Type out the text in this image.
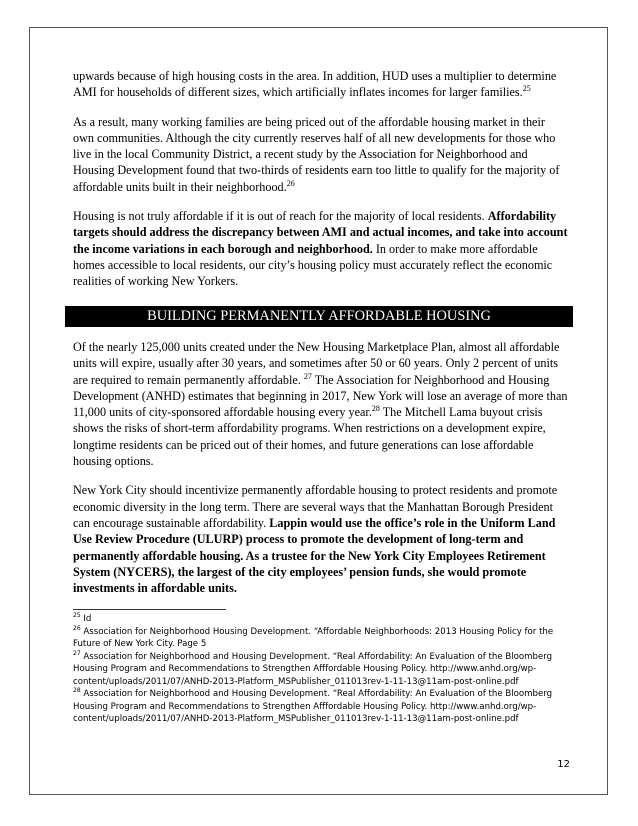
upwards because of high housing costs in the area. In addition, HUD uses a multiplier to determine AMI for households of different sizes, which artificially inflates incomes for larger families.$^{25}$

As a result, many working families are being priced out of the affordable housing market in their own communities. Although the city currently reserves half of all new developments for those who live in the local Community District, a recent study by the Association for Neighborhood and Housing Development found that two-thirds of residents earn too little to qualify for the majority of affordable units built in their neighborhood.$^{26}$

Housing is not truly affordable if it is out of reach for the majority of local residents. Affordability targets should address the discrepancy between AMI and actual incomes, and take into account the income variations in each borough and neighborhood. In order to make more affordable homes accessible to local residents, our city’s housing policy must accurately reflect the economic realities of working New Yorkers.

BUILDING PERMANENTLY AFFORDABLE HOUSING

Of the nearly 125,000 units created under the New Housing Marketplace Plan, almost all affordable units will expire, usually after 30 years, and sometimes after 50 or 60 years. Only 2 percent of units are required to remain permanently affordable. $^{27}$ The Association for Neighborhood and Housing Development (ANHD) estimates that beginning in 2017, New York will lose an average of more than 11,000 units of city-sponsored affordable housing every year.$^{28}$ The Mitchell Lama buyout crisis shows the risks of short-term affordability programs. When restrictions on a development expire, longtime residents can be priced out of their homes, and future generations can lose affordable housing options.

New York City should incentivize permanently affordable housing to protect residents and promote economic diversity in the long term. There are several ways that the Manhattan Borough President can encourage sustainable affordability. Lappin would use the office’s role in the Uniform Land Use Review Procedure (ULURP) process to promote the development of long-term and permanently affordable housing. As a trustee for the New York City Employees Retirement System (NYCERS), the largest of the city employees’ pension funds, she would promote investments in affordable units.

$^{25}$ Id

$^{26}$ Association for Neighborhood Housing Development. “Affordable Neighborhoods: 2013 Housing Policy for the Future of New York City. Page 5

$^{27}$ Association for Neighborhood and Housing Development. “Real Affordability: An Evaluation of the Bloomberg Housing Program and Recommendations to Strengthen Afffordable Housing Policy. http://www.anhd.org/wp-content/uploads/2011/07/ANHD-2013-Platform_MSPublisher_011013rev-1-11-13@11am-post-online.pdf

$^{28}$ Association for Neighborhood and Housing Development. “Real Affordability: An Evaluation of the Bloomberg Housing Program and Recommendations to Strengthen Afffordable Housing Policy. http://www.anhd.org/wp-content/uploads/2011/07/ANHD-2013-Platform_MSPublisher_011013rev-1-11-13@11am-post-online.pdf

12
